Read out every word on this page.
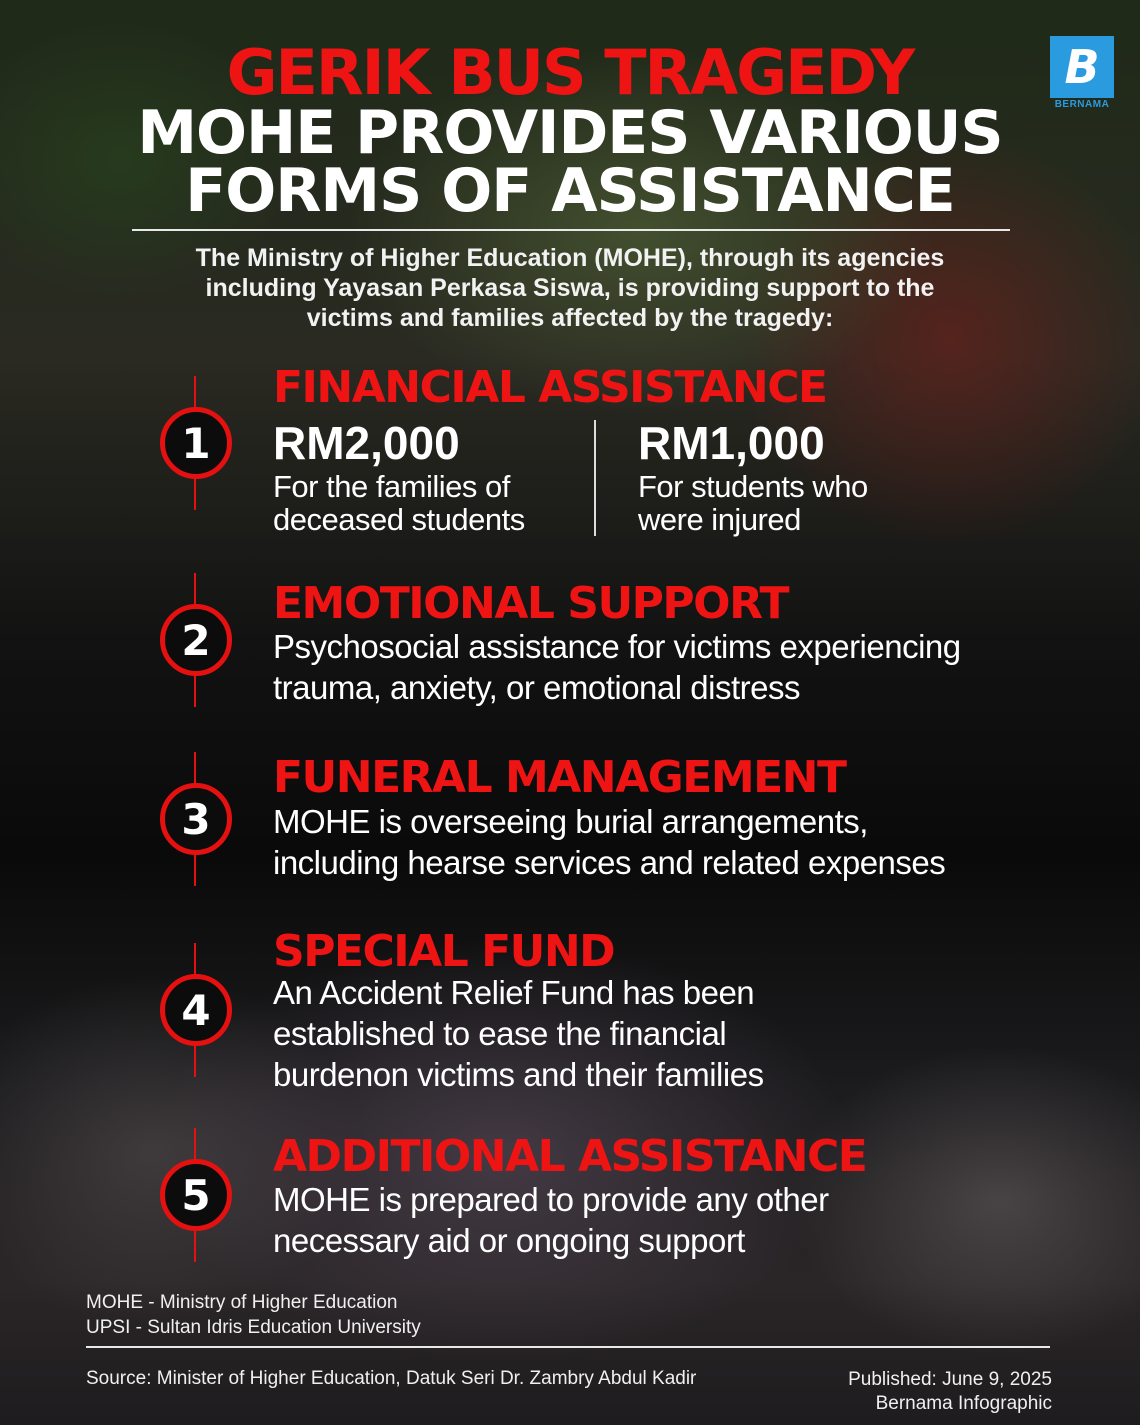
B
BERNAMA
GERIK BUS TRAGEDY
MOHE PROVIDES VARIOUS
FORMS OF ASSISTANCE
The Ministry of Higher Education (MOHE), through its agencies
including Yayasan Perkasa Siswa, is providing support to the
victims and families affected by the tragedy:
1
FINANCIAL ASSISTANCE
RM2,000
For the families of
deceased students
RM1,000
For students who
were injured
2
EMOTIONAL SUPPORT
Psychosocial assistance for victims experiencing
trauma, anxiety, or emotional distress
3
FUNERAL MANAGEMENT
MOHE is overseeing burial arrangements,
including hearse services and related expenses
4
SPECIAL FUND
An Accident Relief Fund has been
established to ease the financial
burdenon victims and their families
5
ADDITIONAL ASSISTANCE
MOHE is prepared to provide any other
necessary aid or ongoing support
MOHE - Ministry of Higher Education
UPSI - Sultan Idris Education University
Source: Minister of Higher Education, Datuk Seri Dr. Zambry Abdul Kadir	Published: June 9, 2025
Bernama Infographic
